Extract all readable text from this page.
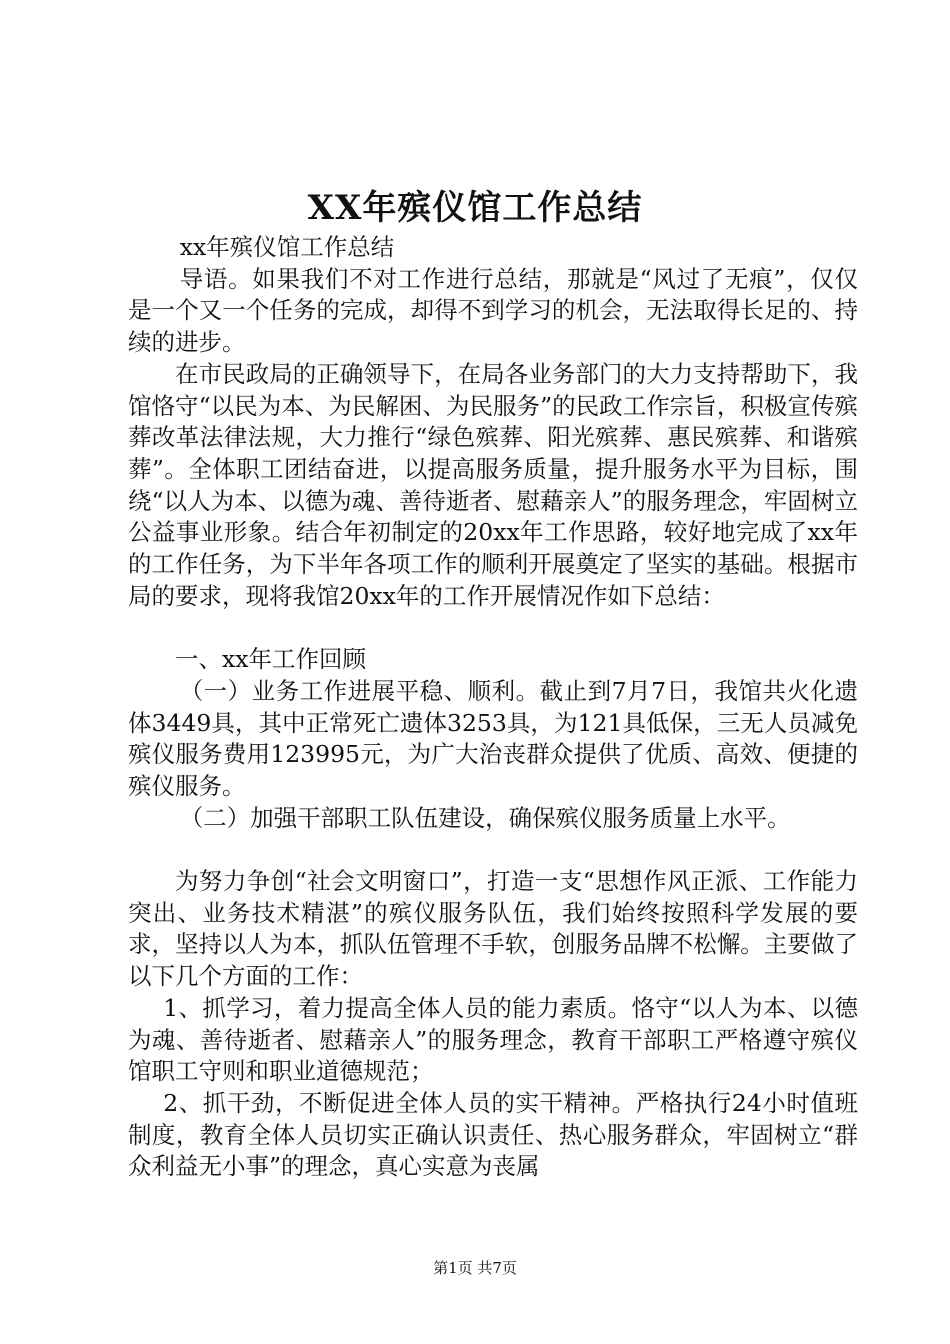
XX年殡仪馆工作总结

xx年殡仪馆工作总结

导语。如果我们不对工作进行总结，那就是“风过了无痕”，仅仅是一个又一个任务的完成，却得不到学习的机会，无法取得长足的、持续的进步。

在市民政局的正确领导下，在局各业务部门的大力支持帮助下，我馆恪守“以民为本、为民解困、为民服务”的民政工作宗旨，积极宣传殡葬改革法律法规，大力推行“绿色殡葬、阳光殡葬、惠民殡葬、和谐殡葬”。全体职工团结奋进，以提高服务质量，提升服务水平为目标，围绕“以人为本、以德为魂、善待逝者、慰藉亲人”的服务理念，牢固树立公益事业形象。结合年初制定的20xx年工作思路，较好地完成了xx年的工作任务，为下半年各项工作的顺利开展奠定了坚实的基础。根据市局的要求，现将我馆20xx年的工作开展情况作如下总结：

一、xx年工作回顾

（一）业务工作进展平稳、顺利。截止到7月7日，我馆共火化遗体3449具，其中正常死亡遗体3253具，为121具低保，三无人员减免殡仪服务费用123995元，为广大治丧群众提供了优质、高效、便捷的殡仪服务。

（二）加强干部职工队伍建设，确保殡仪服务质量上水平。

为努力争创“社会文明窗口”，打造一支“思想作风正派、工作能力突出、业务技术精湛”的殡仪服务队伍，我们始终按照科学发展的要求，坚持以人为本，抓队伍管理不手软，创服务品牌不松懈。主要做了以下几个方面的工作：

1、抓学习，着力提高全体人员的能力素质。恪守“以人为本、以德为魂、善待逝者、慰藉亲人”的服务理念，教育干部职工严格遵守殡仪馆职工守则和职业道德规范；

2、抓干劲，不断促进全体人员的实干精神。严格执行24小时值班制度，教育全体人员切实正确认识责任、热心服务群众，牢固树立“群众利益无小事”的理念，真心实意为丧属

第1页 共7页
